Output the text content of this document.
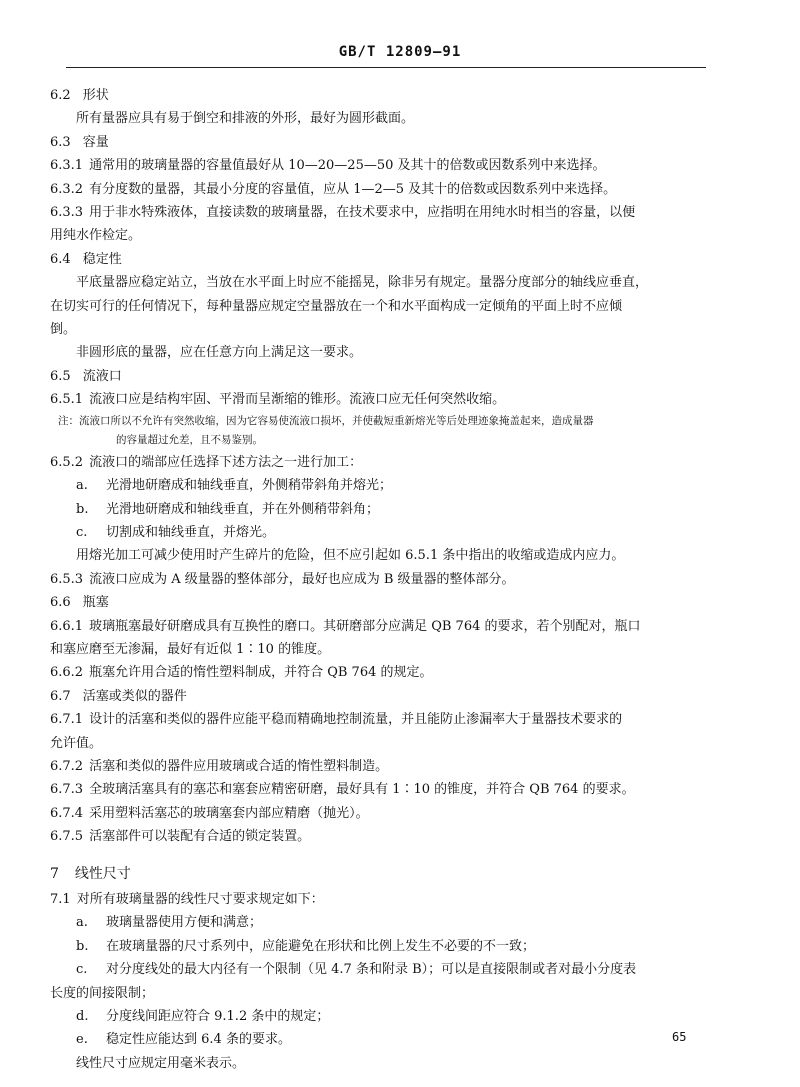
GB/T 12809—91

6.2 形状

所有量器应具有易于倒空和排液的外形，最好为圆形截面。

6.3 容量

6.3.1 通常用的玻璃量器的容量值最好从 10—20—25—50 及其十的倍数或因数系列中来选择。

6.3.2 有分度数的量器，其最小分度的容量值，应从 1—2—5 及其十的倍数或因数系列中来选择。

6.3.3 用于非水特殊液体，直接读数的玻璃量器，在技术要求中，应指明在用纯水时相当的容量，以便

用纯水作检定。

6.4 稳定性

平底量器应稳定站立，当放在水平面上时应不能摇晃，除非另有规定。量器分度部分的轴线应垂直，

在切实可行的任何情况下，每种量器应规定空量器放在一个和水平面构成一定倾角的平面上时不应倾

倒。

非圆形底的量器，应在任意方向上满足这一要求。

6.5 流液口

6.5.1 流液口应是结构牢固、平滑而呈渐缩的锥形。流液口应无任何突然收缩。

注：流液口所以不允许有突然收缩，因为它容易使流液口损坏，并使截短重新熔光等后处理迹象掩盖起来，造成量器

的容量超过允差，且不易鉴别。

6.5.2 流液口的端部应任选择下述方法之一进行加工：

a. 光滑地研磨成和轴线垂直，外侧稍带斜角并熔光；

b. 光滑地研磨成和轴线垂直，并在外侧稍带斜角；

c. 切割成和轴线垂直，并熔光。

用熔光加工可减少使用时产生碎片的危险，但不应引起如 6.5.1 条中指出的收缩或造成内应力。

6.5.3 流液口应成为 A 级量器的整体部分，最好也应成为 B 级量器的整体部分。

6.6 瓶塞

6.6.1 玻璃瓶塞最好研磨成具有互换性的磨口。其研磨部分应满足 QB 764 的要求，若个别配对，瓶口

和塞应磨至无渗漏，最好有近似 1∶10 的锥度。

6.6.2 瓶塞允许用合适的惰性塑料制成，并符合 QB 764 的规定。

6.7 活塞或类似的器件

6.7.1 设计的活塞和类似的器件应能平稳而精确地控制流量，并且能防止渗漏率大于量器技术要求的

允许值。

6.7.2 活塞和类似的器件应用玻璃或合适的惰性塑料制造。

6.7.3 全玻璃活塞具有的塞芯和塞套应精密研磨，最好具有 1∶10 的锥度，并符合 QB 764 的要求。

6.7.4 采用塑料活塞芯的玻璃塞套内部应精磨（抛光）。

6.7.5 活塞部件可以装配有合适的锁定装置。

7 线性尺寸

7.1 对所有玻璃量器的线性尺寸要求规定如下：

a. 玻璃量器使用方便和满意；

b. 在玻璃量器的尺寸系列中，应能避免在形状和比例上发生不必要的不一致；

c. 对分度线处的最大内径有一个限制（见 4.7 条和附录 B）；可以是直接限制或者对最小分度表

长度的间接限制；

d. 分度线间距应符合 9.1.2 条中的规定；

e. 稳定性应能达到 6.4 条的要求。

线性尺寸应规定用毫米表示。

65
